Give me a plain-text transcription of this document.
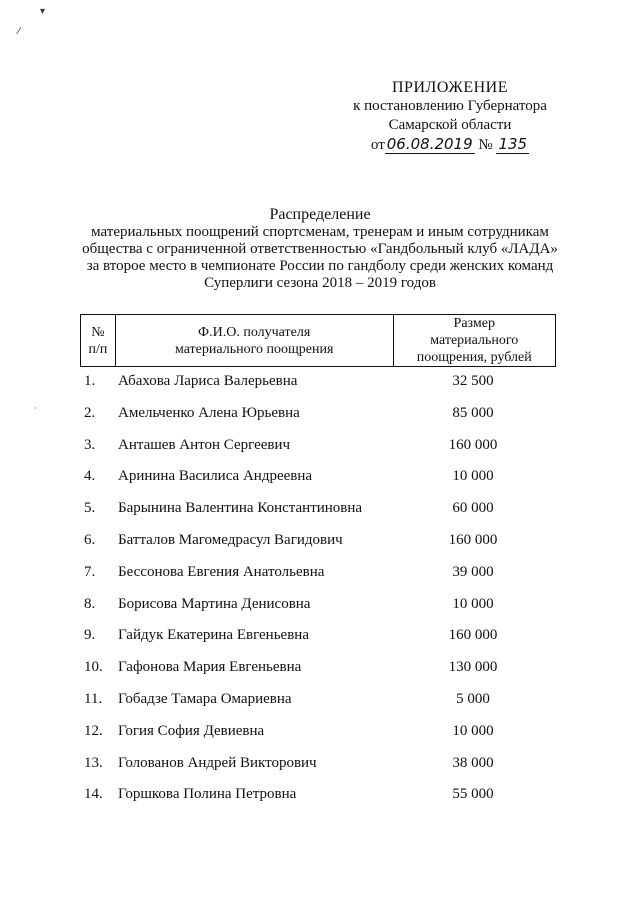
▾
⁄
·
ПРИЛОЖЕНИЕ
к постановлению Губернатора
Самарской области
от 06.08.2019 № 135
Распределение
материальных поощрений спортсменам, тренерам и иным сотрудникам
общества с ограниченной ответственностью «Гандбольный клуб «ЛАДА»
за второе место в чемпионате России по гандболу среди женских команд
Суперлиги сезона 2018 – 2019 годов
№
п/п

Ф.И.О. получателя
материального поощрения

Размер
материального
поощрения, рублей
1. Абахова Лариса Валерьевна	32 500
2. Амельченко Алена Юрьевна	85 000
3. Анташев Антон Сергеевич	160 000
4. Аринина Василиса Андреевна	10 000
5. Барынина Валентина Константиновна	60 000
6. Батталов Магомедрасул Вагидович	160 000
7. Бессонова Евгения Анатольевна	39 000
8. Борисова Мартина Денисовна	10 000
9. Гайдук Екатерина Евгеньевна	160 000
10. Гафонова Мария Евгеньевна	130 000
11. Гобадзе Тамара Омариевна	5 000
12. Гогия София Девиевна	10 000
13. Голованов Андрей Викторович	38 000
14. Горшкова Полина Петровна	55 000
